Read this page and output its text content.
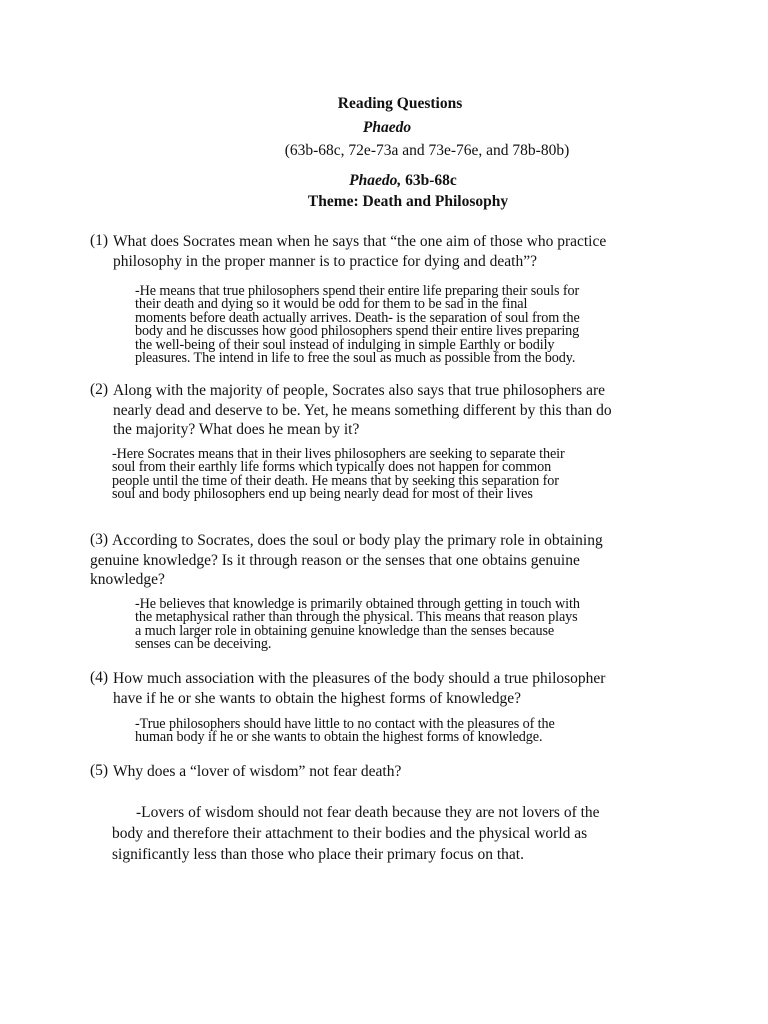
Reading Questions
Phaedo
(63b-68c, 72e-73a and 73e-76e, and 78b-80b)
Phaedo, 63b-68c
Theme: Death and Philosophy
(1) What does Socrates mean when he says that “the one aim of those who practice
philosophy in the proper manner is to practice for dying and death”?
-He means that true philosophers spend their entire life preparing their souls for
their death and dying so it would be odd for them to be sad in the final
moments before death actually arrives. Death- is the separation of soul from the
body and he discusses how good philosophers spend their entire lives preparing
the well-being of their soul instead of indulging in simple Earthly or bodily
pleasures. The intend in life to free the soul as much as possible from the body.
(2) Along with the majority of people, Socrates also says that true philosophers are
nearly dead and deserve to be. Yet, he means something different by this than do
the majority? What does he mean by it?
-Here Socrates means that in their lives philosophers are seeking to separate their
soul from their earthly life forms which typically does not happen for common
people until the time of their death. He means that by seeking this separation for
soul and body philosophers end up being nearly dead for most of their lives
(3) According to Socrates, does the soul or body play the primary role in obtaining
genuine knowledge? Is it through reason or the senses that one obtains genuine
knowledge?
-He believes that knowledge is primarily obtained through getting in touch with
the metaphysical rather than through the physical. This means that reason plays
a much larger role in obtaining genuine knowledge than the senses because
senses can be deceiving.
(4) How much association with the pleasures of the body should a true philosopher
have if he or she wants to obtain the highest forms of knowledge?
-True philosophers should have little to no contact with the pleasures of the
human body if he or she wants to obtain the highest forms of knowledge.
(5) Why does a “lover of wisdom” not fear death?
-Lovers of wisdom should not fear death because they are not lovers of the
body and therefore their attachment to their bodies and the physical world as
significantly less than those who place their primary focus on that.
